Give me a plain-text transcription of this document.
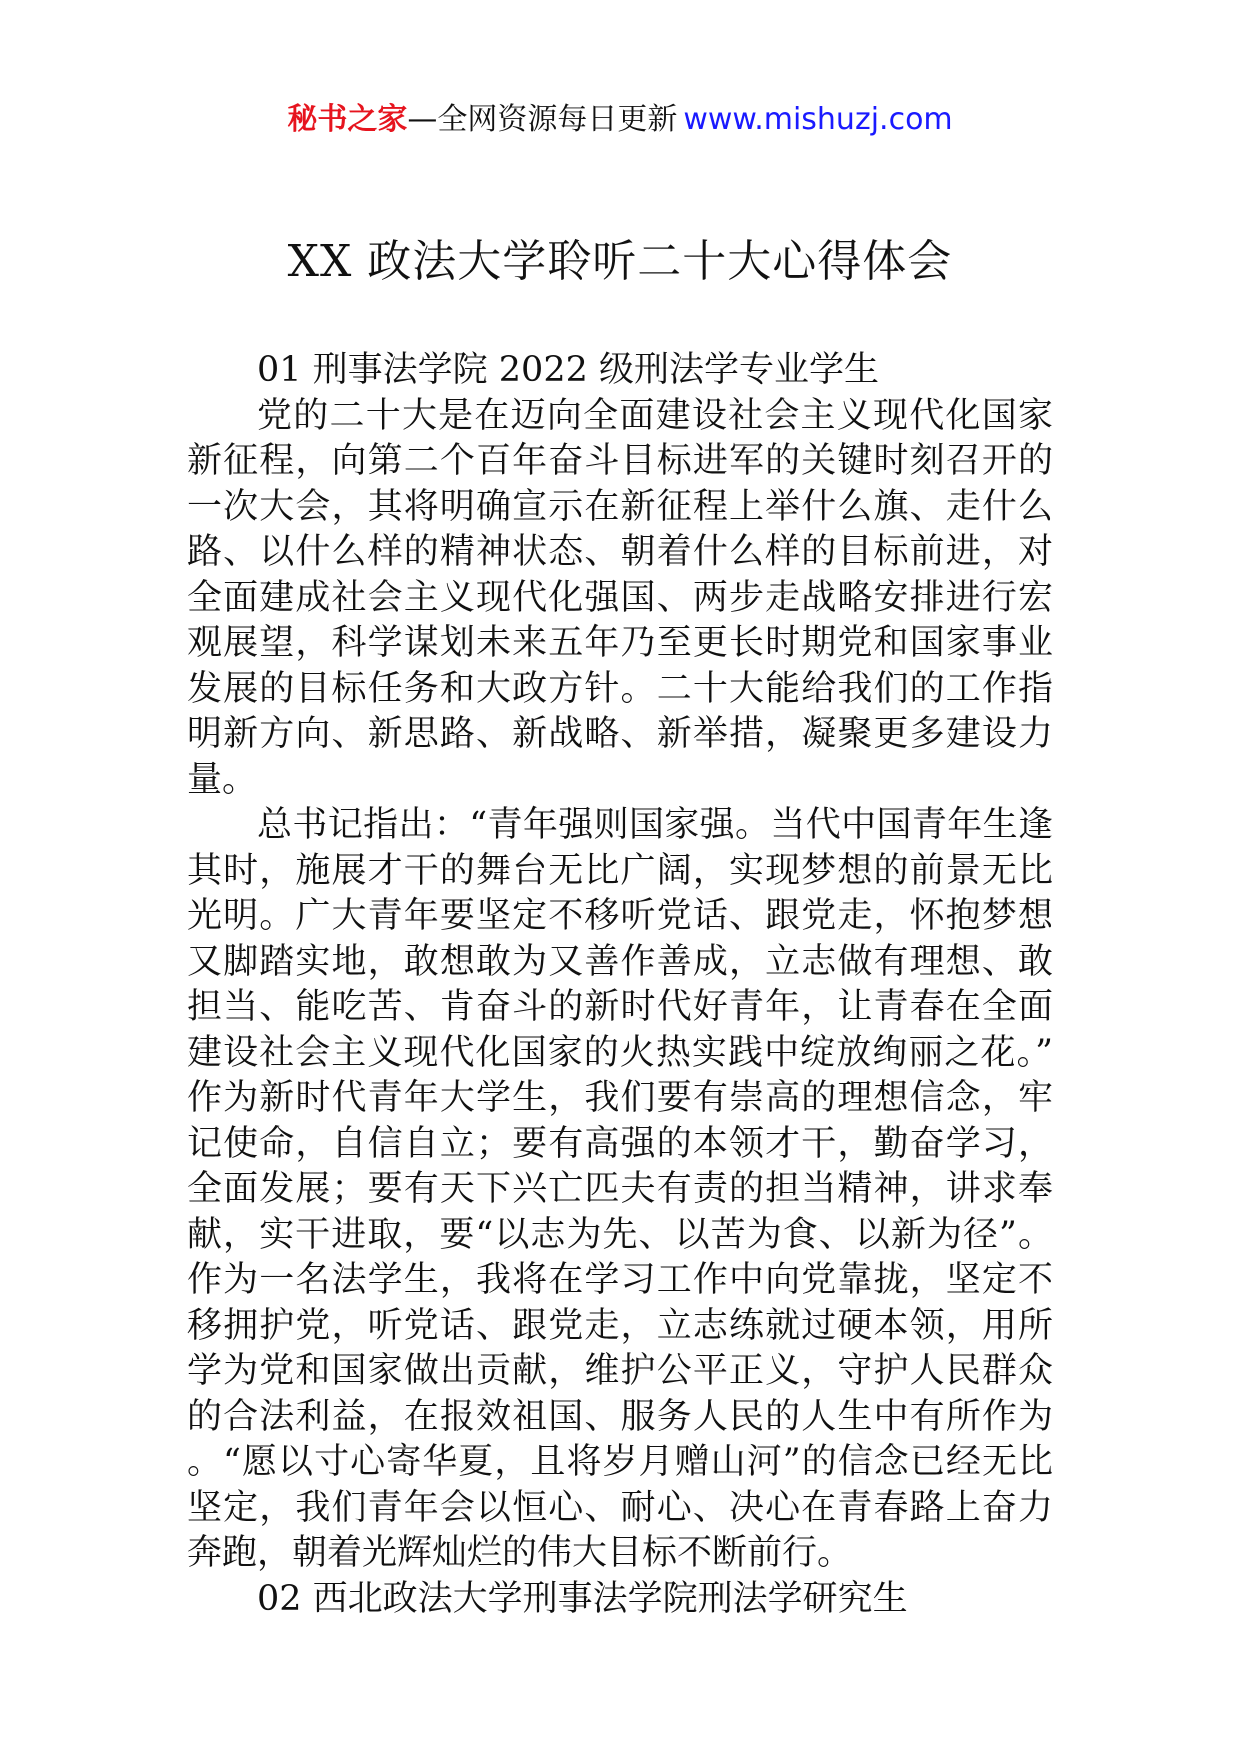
秘书之家—全网资源每日更新 www.mishuzj.com
XX 政法大学聆听二十大心得体会

01 刑事法学院 2022 级刑法学专业学生

党的二十大是在迈向全面建设社会主义现代化国家新征程，向第二个百年奋斗目标进军的关键时刻召开的一次大会，其将明确宣示在新征程上举什么旗、走什么路、以什么样的精神状态、朝着什么样的目标前进，对全面建成社会主义现代化强国、两步走战略安排进行宏观展望，科学谋划未来五年乃至更长时期党和国家事业发展的目标任务和大政方针。二十大能给我们的工作指明新方向、新思路、新战略、新举措，凝聚更多建设力量。

总书记指出：“青年强则国家强。当代中国青年生逢其时，施展才干的舞台无比广阔，实现梦想的前景无比光明。广大青年要坚定不移听党话、跟党走，怀抱梦想又脚踏实地，敢想敢为又善作善成，立志做有理想、敢担当、能吃苦、肯奋斗的新时代好青年，让青春在全面建设社会主义现代化国家的火热实践中绽放绚丽之花。”作为新时代青年大学生，我们要有崇高的理想信念，牢记使命，自信自立；要有高强的本领才干，勤奋学习，全面发展；要有天下兴亡匹夫有责的担当精神，讲求奉献，实干进取，要“以志为先、以苦为食、以新为径”。作为一名法学生，我将在学习工作中向党靠拢，坚定不移拥护党，听党话、跟党走，立志练就过硬本领，用所学为党和国家做出贡献，维护公平正义，守护人民群众的合法利益，在报效祖国、服务人民的人生中有所作为。“愿以寸心寄华夏，且将岁月赠山河”的信念已经无比坚定，我们青年会以恒心、耐心、决心在青春路上奋力奔跑，朝着光辉灿烂的伟大目标不断前行。

02 西北政法大学刑事法学院刑法学研究生
